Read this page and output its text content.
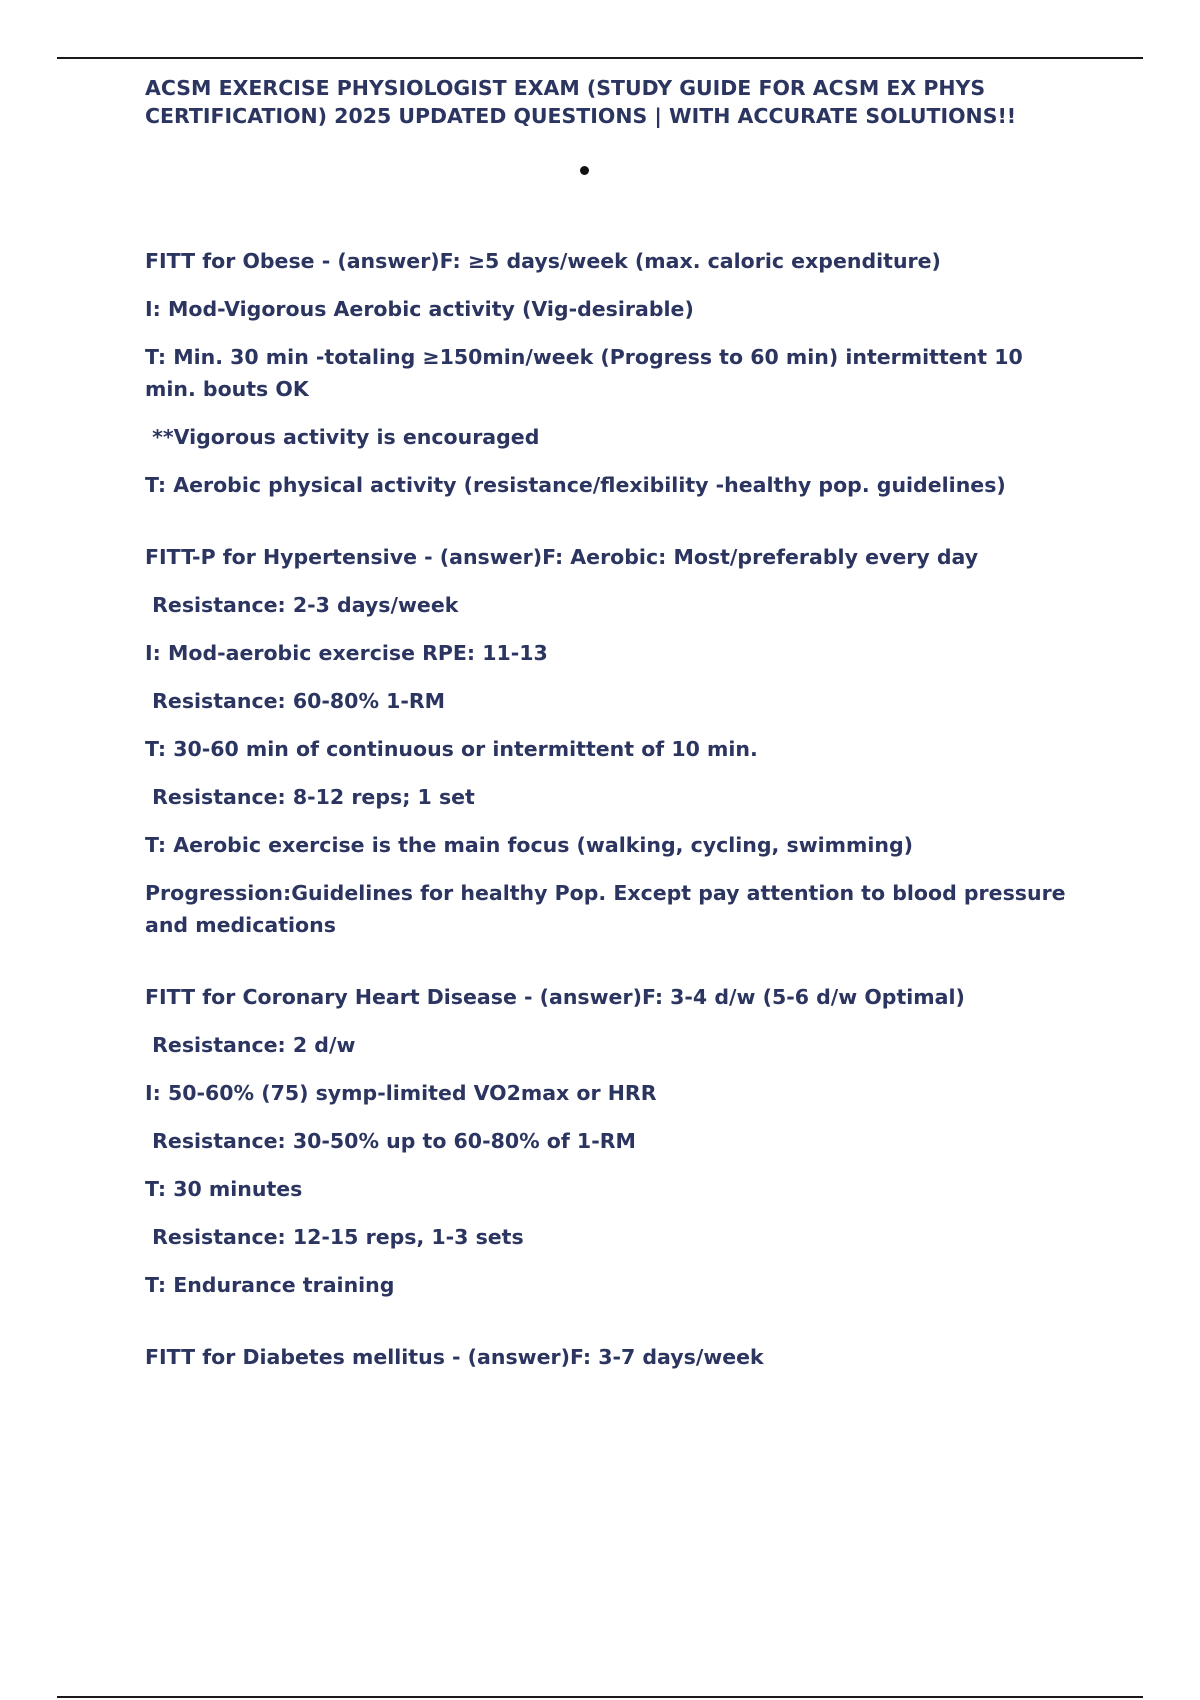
ACSM EXERCISE PHYSIOLOGIST EXAM (STUDY GUIDE FOR ACSM EX PHYS CERTIFICATION) 2025 UPDATED QUESTIONS | WITH ACCURATE SOLUTIONS!!

FITT for Obese - (answer)F: ≥5 days/week (max. caloric expenditure)

I: Mod-Vigorous Aerobic activity (Vig-desirable)

T: Min. 30 min -totaling ≥150min/week (Progress to 60 min) intermittent 10 min. bouts OK

**Vigorous activity is encouraged

T: Aerobic physical activity (resistance/flexibility -healthy pop. guidelines)

FITT-P for Hypertensive - (answer)F: Aerobic: Most/preferably every day

Resistance: 2-3 days/week

I: Mod-aerobic exercise RPE: 11-13

Resistance: 60-80% 1-RM

T: 30-60 min of continuous or intermittent of 10 min.

Resistance: 8-12 reps; 1 set

T: Aerobic exercise is the main focus (walking, cycling, swimming)

Progression:Guidelines for healthy Pop. Except pay attention to blood pressure and medications

FITT for Coronary Heart Disease - (answer)F: 3-4 d/w (5-6 d/w Optimal)

Resistance: 2 d/w

I: 50-60% (75) symp-limited VO2max or HRR

Resistance: 30-50% up to 60-80% of 1-RM

T: 30 minutes

Resistance: 12-15 reps, 1-3 sets

T: Endurance training

FITT for Diabetes mellitus - (answer)F: 3-7 days/week
